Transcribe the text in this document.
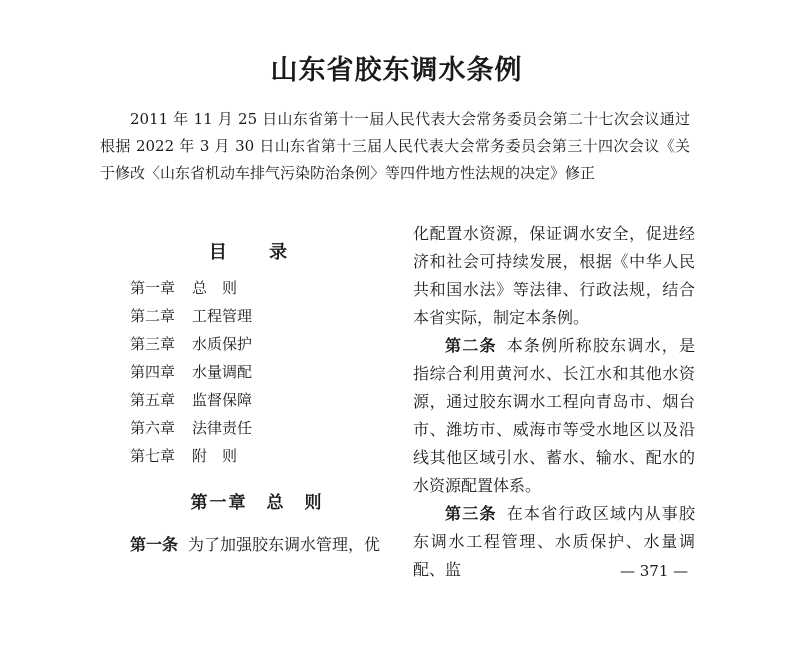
山东省胶东调水条例

2011 年 11 月 25 日山东省第十一届人民代表大会常务委员会第二十七次会议通过　根据 2022 年 3 月 30 日山东省第十三届人民代表大会常务委员会第三十四次会议《关于修改〈山东省机动车排气污染防治条例〉等四件地方性法规的决定》修正

目 录
第一章 总　则
第二章 工程管理
第三章 水质保护
第四章 水量调配
第五章 监督保障
第六章 法律责任
第七章 附　则
第一章　总　则
第一条 为了加强胶东调水管理，优

化配置水资源，保证调水安全，促进经济和社会可持续发展，根据《中华人民共和国水法》等法律、行政法规，结合本省实际，制定本条例。

第二条 本条例所称胶东调水，是指综合利用黄河水、长江水和其他水资源，通过胶东调水工程向青岛市、烟台市、潍坊市、威海市等受水地区以及沿线其他区域引水、蓄水、输水、配水的水资源配置体系。

第三条 在本省行政区域内从事胶东调水工程管理、水质保护、水量调配、监	— 371 —
